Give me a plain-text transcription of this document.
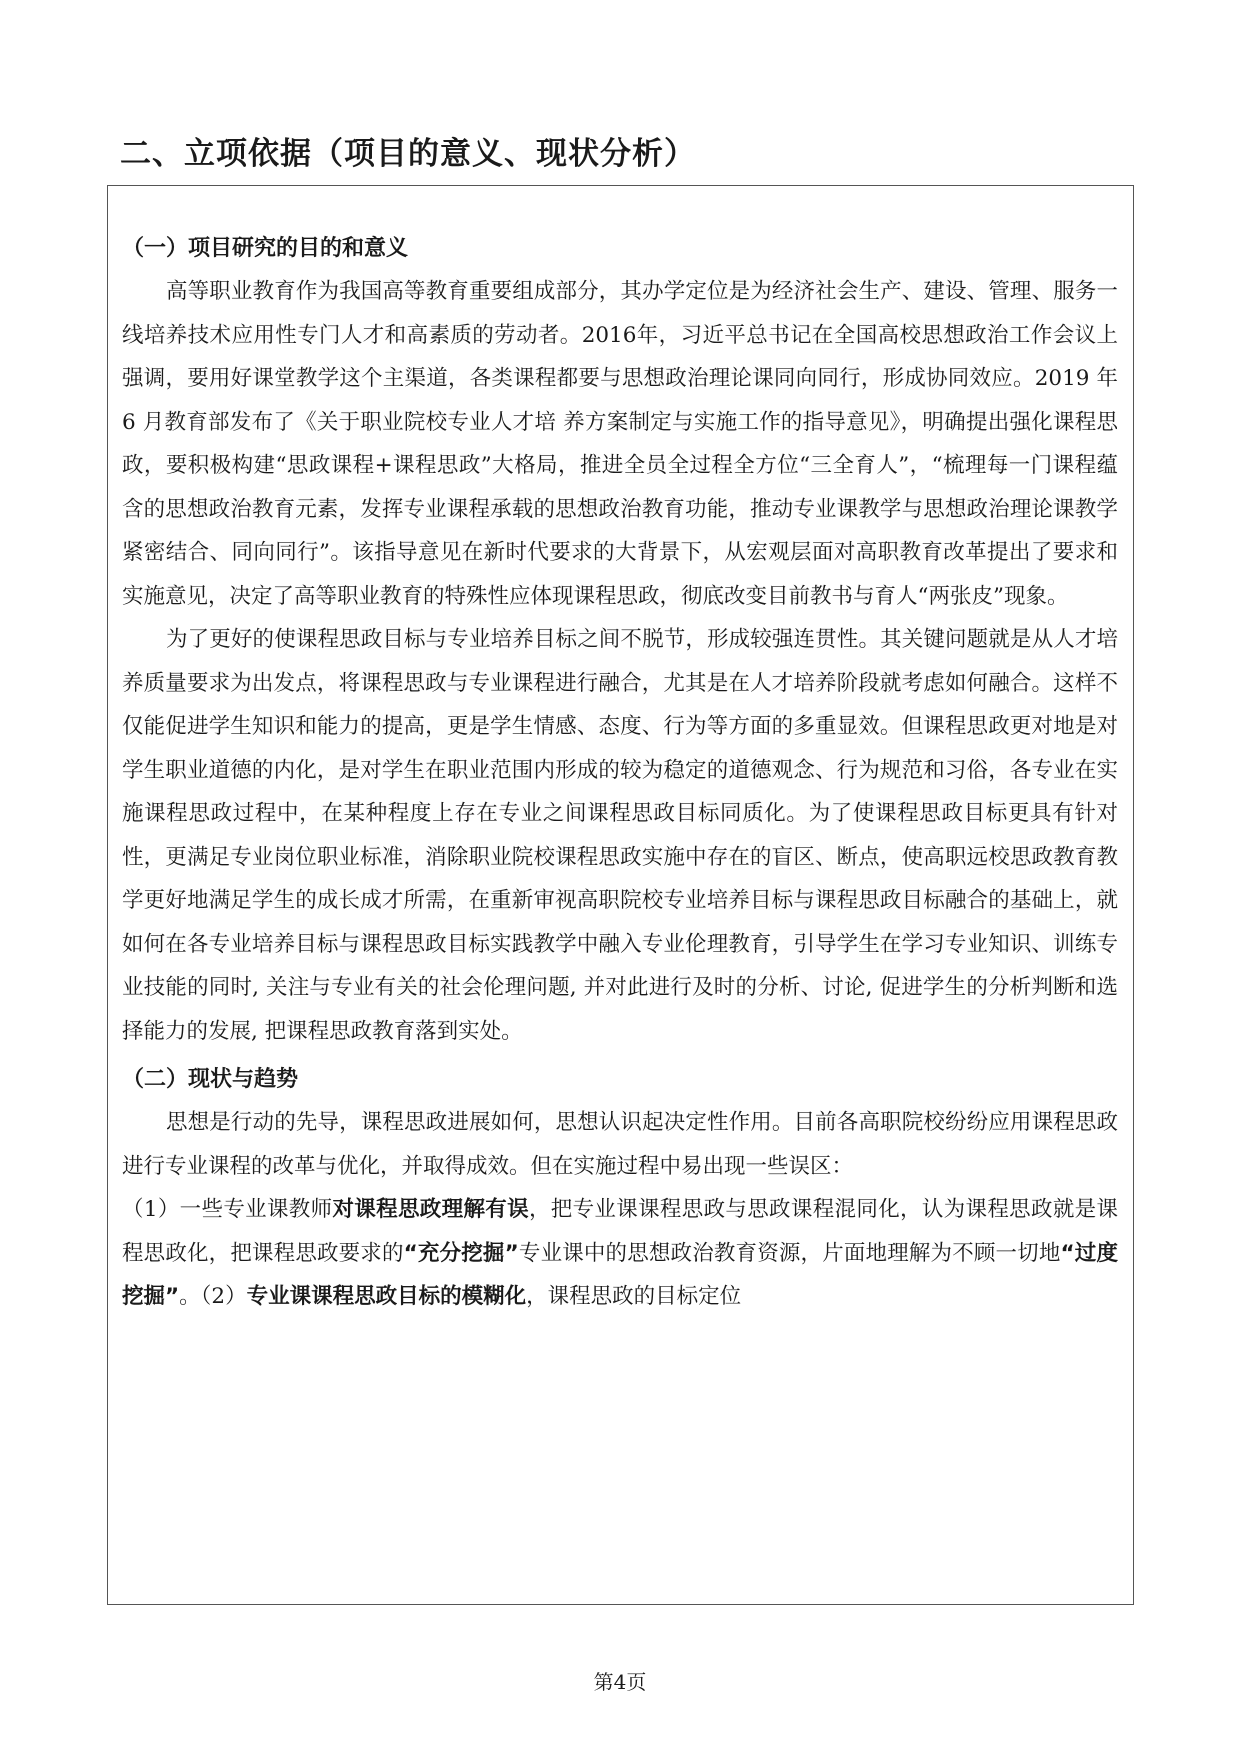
二、立项依据（项目的意义、现状分析）

（一）项目研究的目的和意义

高等职业教育作为我国高等教育重要组成部分，其办学定位是为经济社会生产、建设、管理、服务一线培养技术应用性专门人才和高素质的劳动者。2016年，习近平总书记在全国高校思想政治工作会议上强调，要用好课堂教学这个主渠道，各类课程都要与思想政治理论课同向同行，形成协同效应。2019 年 6 月教育部发布了《关于职业院校专业人才培 养方案制定与实施工作的指导意见》，明确提出强化课程思政，要积极构建“思政课程+课程思政”大格局，推进全员全过程全方位“三全育人”，“梳理每一门课程蕴含的思想政治教育元素，发挥专业课程承载的思想政治教育功能，推动专业课教学与思想政治理论课教学紧密结合、同向同行”。该指导意见在新时代要求的大背景下，从宏观层面对高职教育改革提出了要求和实施意见，决定了高等职业教育的特殊性应体现课程思政，彻底改变目前教书与育人“两张皮”现象。

为了更好的使课程思政目标与专业培养目标之间不脱节，形成较强连贯性。其关键问题就是从人才培养质量要求为出发点，将课程思政与专业课程进行融合，尤其是在人才培养阶段就考虑如何融合。这样不仅能促进学生知识和能力的提高，更是学生情感、态度、行为等方面的多重显效。但课程思政更对地是对学生职业道德的内化，是对学生在职业范围内形成的较为稳定的道德观念、行为规范和习俗，各专业在实施课程思政过程中，在某种程度上存在专业之间课程思政目标同质化。为了使课程思政目标更具有针对性，更满足专业岗位职业标准，消除职业院校课程思政实施中存在的盲区、断点，使高职远校思政教育教学更好地满足学生的成长成才所需，在重新审视高职院校专业培养目标与课程思政目标融合的基础上，就如何在各专业培养目标与课程思政目标实践教学中融入专业伦理教育，引导学生在学习专业知识、训练专业技能的同时, 关注与专业有关的社会伦理问题, 并对此进行及时的分析、讨论, 促进学生的分析判断和选择能力的发展, 把课程思政教育落到实处。

（二）现状与趋势

思想是行动的先导，课程思政进展如何，思想认识起决定性作用。目前各高职院校纷纷应用课程思政进行专业课程的改革与优化，并取得成效。但在实施过程中易出现一些误区：

（1）一些专业课教师对课程思政理解有误，把专业课课程思政与思政课程混同化，认为课程思政就是课程思政化，把课程思政要求的“充分挖掘”专业课中的思想政治教育资源，片面地理解为不顾一切地“过度挖掘”。（2）专业课课程思政目标的模糊化，课程思政的目标定位

第4页
